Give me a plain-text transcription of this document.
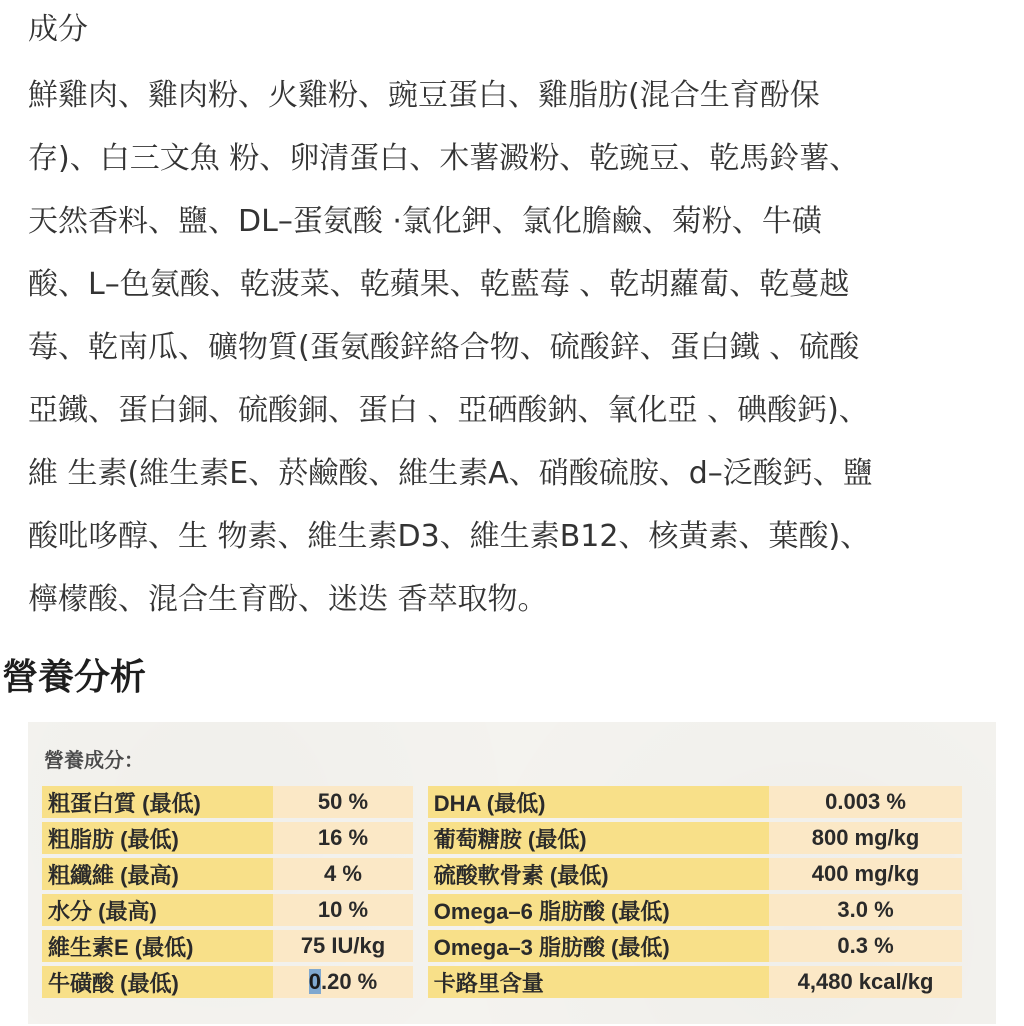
成分
鮮雞肉、雞肉粉、火雞粉、豌豆蛋白、雞脂肪(混合生育酚保
存)、白三文魚 粉、卵清蛋白、木薯澱粉、乾豌豆、乾馬鈴薯、
天然香料、鹽、DL–蛋氨酸 ·氯化鉀、氯化膽鹼、菊粉、牛磺
酸、L–色氨酸、乾菠菜、乾蘋果、乾藍莓 、乾胡蘿蔔、乾蔓越
莓、乾南瓜、礦物質(蛋氨酸鋅絡合物、硫酸鋅、蛋白鐵 、硫酸
亞鐵、蛋白銅、硫酸銅、蛋白 、亞硒酸鈉、氧化亞 、碘酸鈣)、
維 生素(維生素E、菸鹼酸、維生素A、硝酸硫胺、d–泛酸鈣、鹽
酸吡哆醇、生 物素、維生素D3、維生素B12、核黃素、葉酸)、
檸檬酸、混合生育酚、迷迭 香萃取物。
營養分析
營養成分：
粗蛋白質 (最低)	50 %		DHA (最低)	0.003 %
粗脂肪 (最低)	16 %		葡萄糖胺 (最低)	800 mg/kg
粗纖維 (最高)	4 %		硫酸軟骨素 (最低)	400 mg/kg
水分 (最高)	10 %		Omega–6 脂肪酸 (最低)	3.0 %
維生素E (最低)	75 IU/kg		Omega–3 脂肪酸 (最低)	0.3 %
牛磺酸 (最低)	0.20 %		卡路里含量	4,480 kcal/kg
